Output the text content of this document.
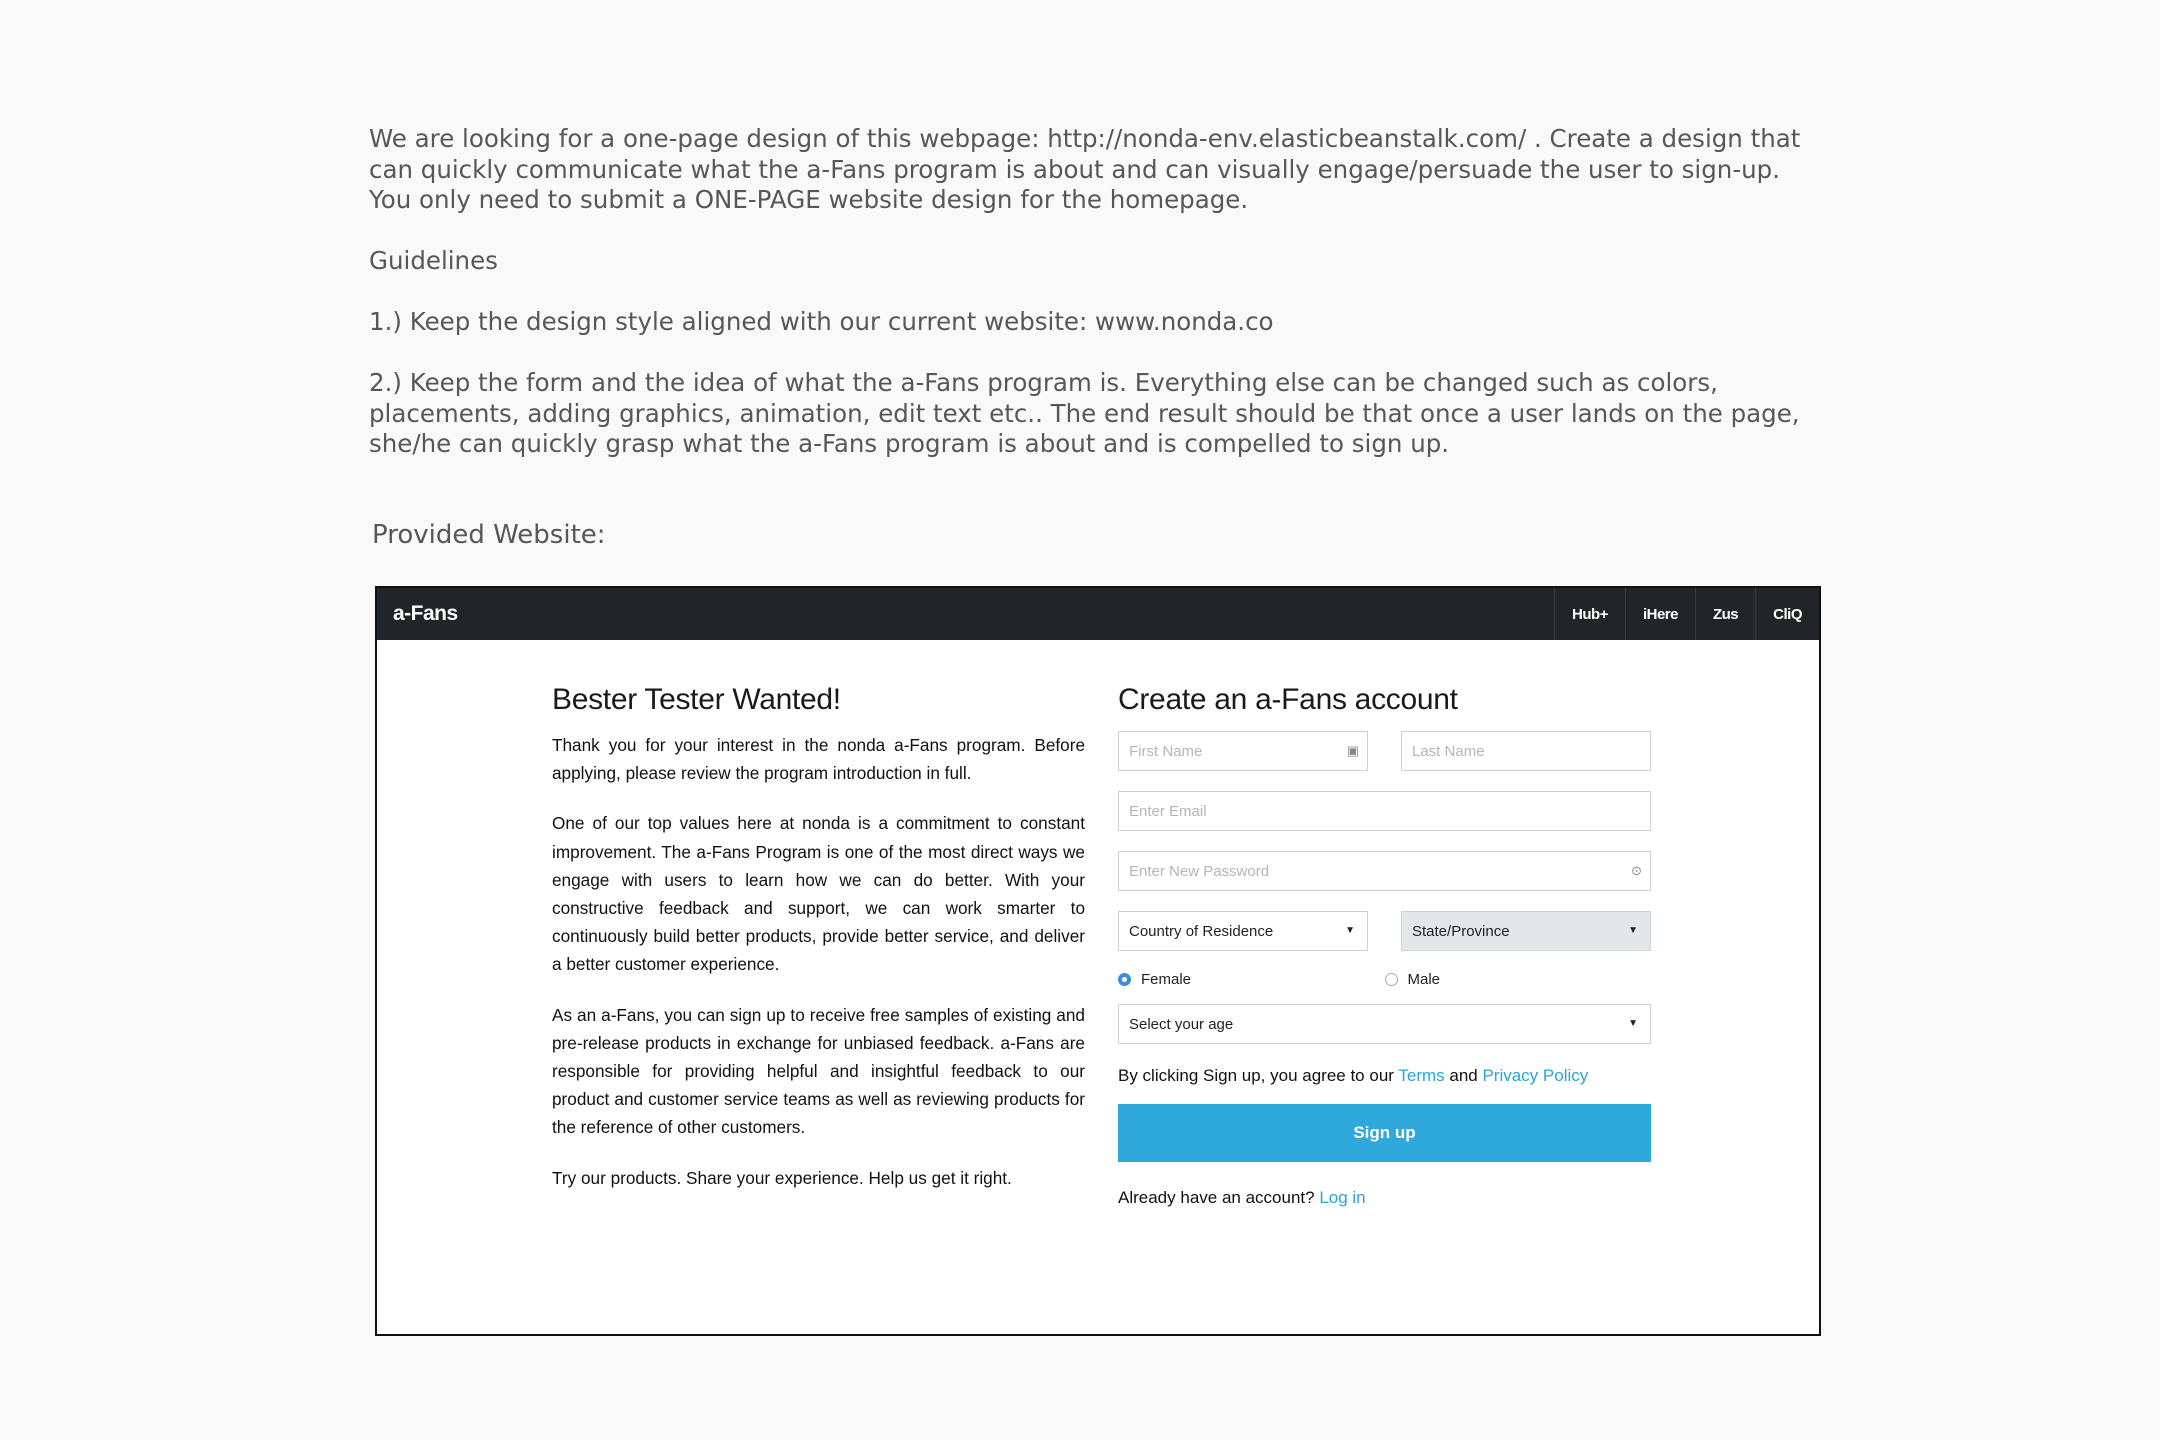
We are looking for a one-page design of this webpage: http://nonda-env.elasticbeanstalk.com/ . Create a design that can quickly communicate what the a-Fans program is about and can visually engage/persuade the user to sign-up. You only need to submit a ONE-PAGE website design for the homepage.

Guidelines

1.) Keep the design style aligned with our current website: www.nonda.co

2.) Keep the form and the idea of what the a-Fans program is. Everything else can be changed such as colors, placements, adding graphics, animation, edit text etc.. The end result should be that once a user lands on the page, she/he can quickly grasp what the a-Fans program is about and is compelled to sign up.

Provided Website:
a-Fans	Hub+	iHere	Zus	CliQ
Bester Tester Wanted!

Thank you for your interest in the nonda a-Fans program. Before applying, please review the program introduction in full.

One of our top values here at nonda is a commitment to constant improvement. The a-Fans Program is one of the most direct ways we engage with users to learn how we can do better. With your constructive feedback and support, we can work smarter to continuously build better products, provide better service, and deliver a better customer experience.

As an a-Fans, you can sign up to receive free samples of existing and pre-release products in exchange for unbiased feedback. a-Fans are responsible for providing helpful and insightful feedback to our product and customer service teams as well as reviewing products for the reference of other customers.

Try our products. Share your experience. Help us get it right.

Create an a-Fans account
First Name	▣	Last Name
Enter Email
Enter New Password	⊙
Country of Residence	▼	State/Province	▼
Female	Male
Select your age	▼
By clicking Sign up, you agree to our Terms and Privacy Policy
Sign up
Already have an account? Log in
